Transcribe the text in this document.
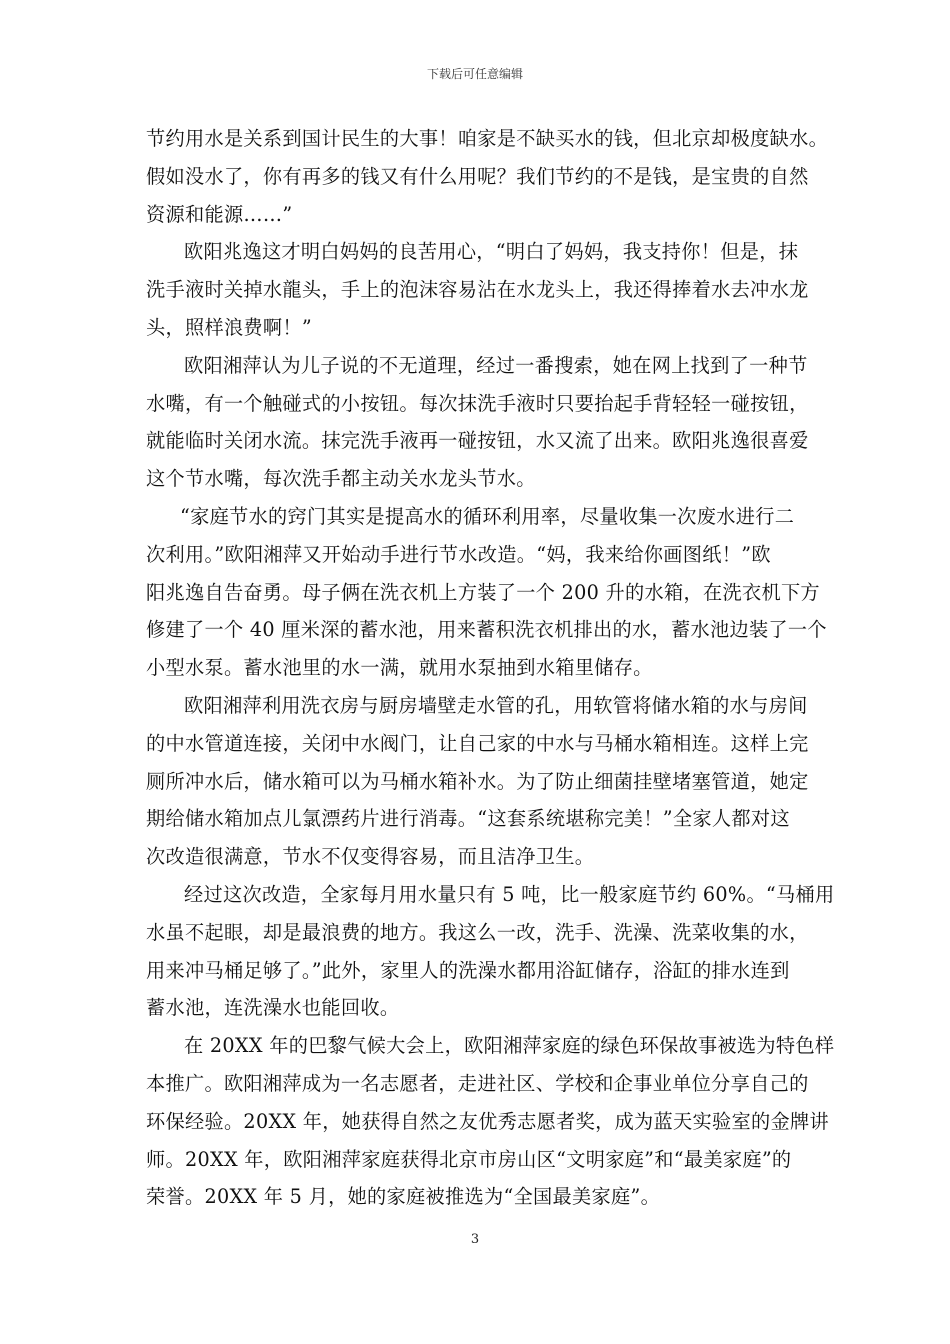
下载后可任意编辑
节约用水是关系到国计民生的大事！咱家是不缺买水的钱，但北京却极度缺水。
假如没水了，你有再多的钱又有什么用呢？我们节约的不是钱，是宝贵的自然
资源和能源……”
欧阳兆逸这才明白妈妈的良苦用心，“明白了妈妈，我支持你！但是，抹
洗手液时关掉水龍头，手上的泡沫容易沾在水龙头上，我还得捧着水去冲水龙
头，照样浪费啊！”
欧阳湘萍认为儿子说的不无道理，经过一番搜索，她在网上找到了一种节
水嘴，有一个触碰式的小按钮。每次抹洗手液时只要抬起手背轻轻一碰按钮，
就能临时关闭水流。抹完洗手液再一碰按钮，水又流了出来。欧阳兆逸很喜爱
这个节水嘴，每次洗手都主动关水龙头节水。
“家庭节水的窍门其实是提高水的循环利用率，尽量收集一次废水进行二
次利用。”欧阳湘萍又开始动手进行节水改造。“妈，我来给你画图纸！”欧
阳兆逸自告奋勇。母子俩在洗衣机上方装了一个 200 升的水箱，在洗衣机下方
修建了一个 40 厘米深的蓄水池，用来蓄积洗衣机排出的水，蓄水池边装了一个
小型水泵。蓄水池里的水一满，就用水泵抽到水箱里储存。
欧阳湘萍利用洗衣房与厨房墙壁走水管的孔，用软管将储水箱的水与房间
的中水管道连接，关闭中水阀门，让自己家的中水与马桶水箱相连。这样上完
厕所冲水后，储水箱可以为马桶水箱补水。为了防止细菌挂壁堵塞管道，她定
期给储水箱加点儿氯漂药片进行消毒。“这套系统堪称完美！”全家人都对这
次改造很满意，节水不仅变得容易，而且洁净卫生。
经过这次改造，全家每月用水量只有 5 吨，比一般家庭节约 60%。“马桶用
水虽不起眼，却是最浪费的地方。我这么一改，洗手、洗澡、洗菜收集的水，
用来冲马桶足够了。”此外，家里人的洗澡水都用浴缸储存，浴缸的排水连到
蓄水池，连洗澡水也能回收。
在 20XX 年的巴黎气候大会上，欧阳湘萍家庭的绿色环保故事被选为特色样
本推广。欧阳湘萍成为一名志愿者，走进社区、学校和企事业单位分享自己的
环保经验。20XX 年，她获得自然之友优秀志愿者奖，成为蓝天实验室的金牌讲
师。20XX 年，欧阳湘萍家庭获得北京市房山区“文明家庭”和“最美家庭”的
荣誉。20XX 年 5 月，她的家庭被推选为“全国最美家庭”。
3
